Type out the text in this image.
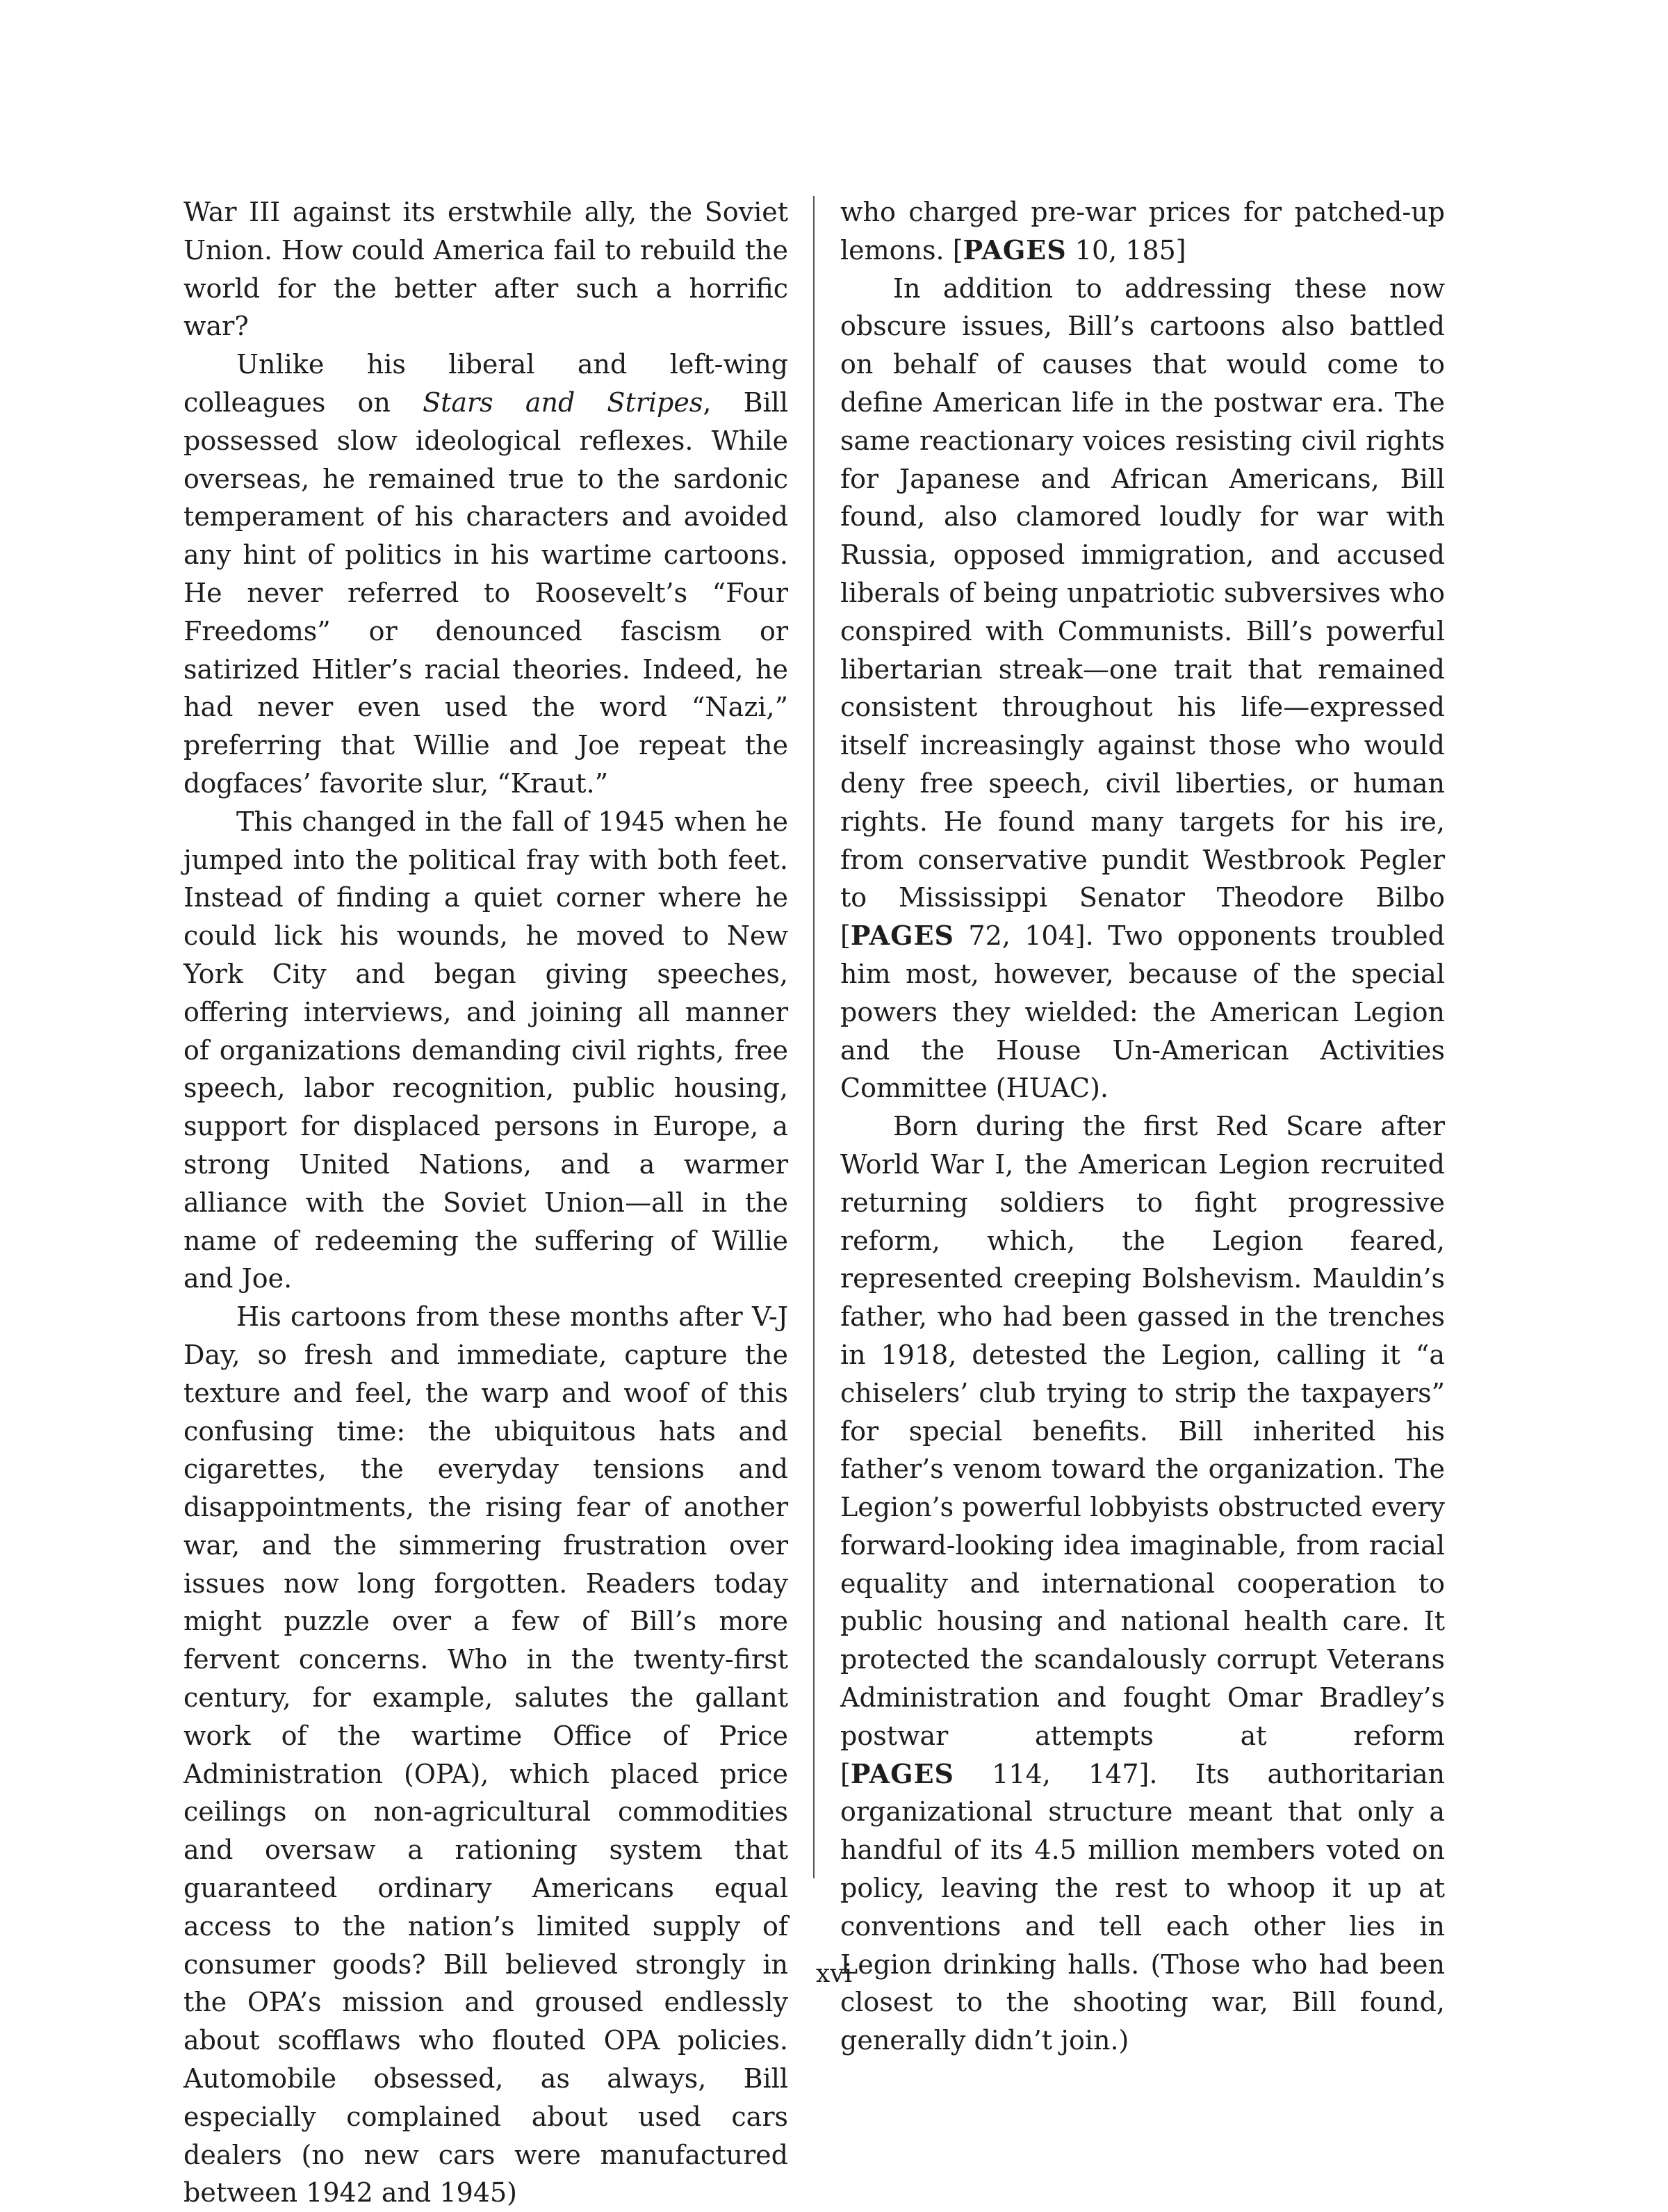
War III against its erstwhile ally, the Soviet Union. How could America fail to rebuild the world for the better after such a horrific war?

Unlike his liberal and left-wing colleagues on Stars and Stripes, Bill possessed slow ideological reflexes. While overseas, he remained true to the sardonic temperament of his characters and avoided any hint of politics in his wartime cartoons. He never referred to Roosevelt’s “Four Freedoms” or denounced fascism or satirized Hitler’s racial theories. Indeed, he had never even used the word “Nazi,” preferring that Willie and Joe repeat the dogfaces’ favorite slur, “Kraut.”

This changed in the fall of 1945 when he jumped into the political fray with both feet. Instead of finding a quiet corner where he could lick his wounds, he moved to New York City and began giving speeches, offering interviews, and joining all manner of organizations demanding civil rights, free speech, labor recognition, public housing, support for displaced persons in Europe, a strong United Nations, and a warmer alliance with the Soviet Union—all in the name of redeeming the suffering of Willie and Joe.

His cartoons from these months after V-J Day, so fresh and immediate, capture the texture and feel, the warp and woof of this confusing time: the ubiquitous hats and cigarettes, the everyday tensions and disappointments, the rising fear of another war, and the simmering frustration over issues now long forgotten. Readers today might puzzle over a few of Bill’s more fervent concerns. Who in the twenty-first century, for example, salutes the gallant work of the wartime Office of Price Administration (OPA), which placed price ceilings on non-agricultural commodities and oversaw a rationing system that guaranteed ordinary Americans equal access to the nation’s limited supply of consumer goods? Bill believed strongly in the OPA’s mission and groused endlessly about scofflaws who flouted OPA policies. Automobile obsessed, as always, Bill especially complained about used cars dealers (no new cars were manufactured between 1942 and 1945)

who charged pre-war prices for patched-up lemons. [PAGES 10, 185]

In addition to addressing these now obscure issues, Bill’s cartoons also battled on behalf of causes that would come to define American life in the postwar era. The same reactionary voices resisting civil rights for Japanese and African Americans, Bill found, also clamored loudly for war with Russia, opposed immigration, and accused liberals of being unpatriotic subversives who conspired with Communists. Bill’s powerful libertarian streak—one trait that remained consistent throughout his life—expressed itself increasingly against those who would deny free speech, civil liberties, or human rights. He found many targets for his ire, from conservative pundit Westbrook Pegler to Mississippi Senator Theodore Bilbo [PAGES 72, 104]. Two opponents troubled him most, however, because of the special powers they wielded: the American Legion and the House Un-American Activities Committee (HUAC).

Born during the first Red Scare after World War I, the American Legion recruited returning soldiers to fight progressive reform, which, the Legion feared, represented creeping Bolshevism. Mauldin’s father, who had been gassed in the trenches in 1918, detested the Legion, calling it “a chiselers’ club trying to strip the taxpayers” for special benefits. Bill inherited his father’s venom toward the organization. The Legion’s powerful lobbyists obstructed every forward-looking idea imaginable, from racial equality and international cooperation to public housing and national health care. It protected the scandalously corrupt Veterans Administration and fought Omar Bradley’s postwar attempts at reform [PAGES 114, 147]. Its authoritarian organizational structure meant that only a handful of its 4.5 million members voted on policy, leaving the rest to whoop it up at conventions and tell each other lies in Legion drinking halls. (Those who had been closest to the shooting war, Bill found, generally didn’t join.)

xvi
